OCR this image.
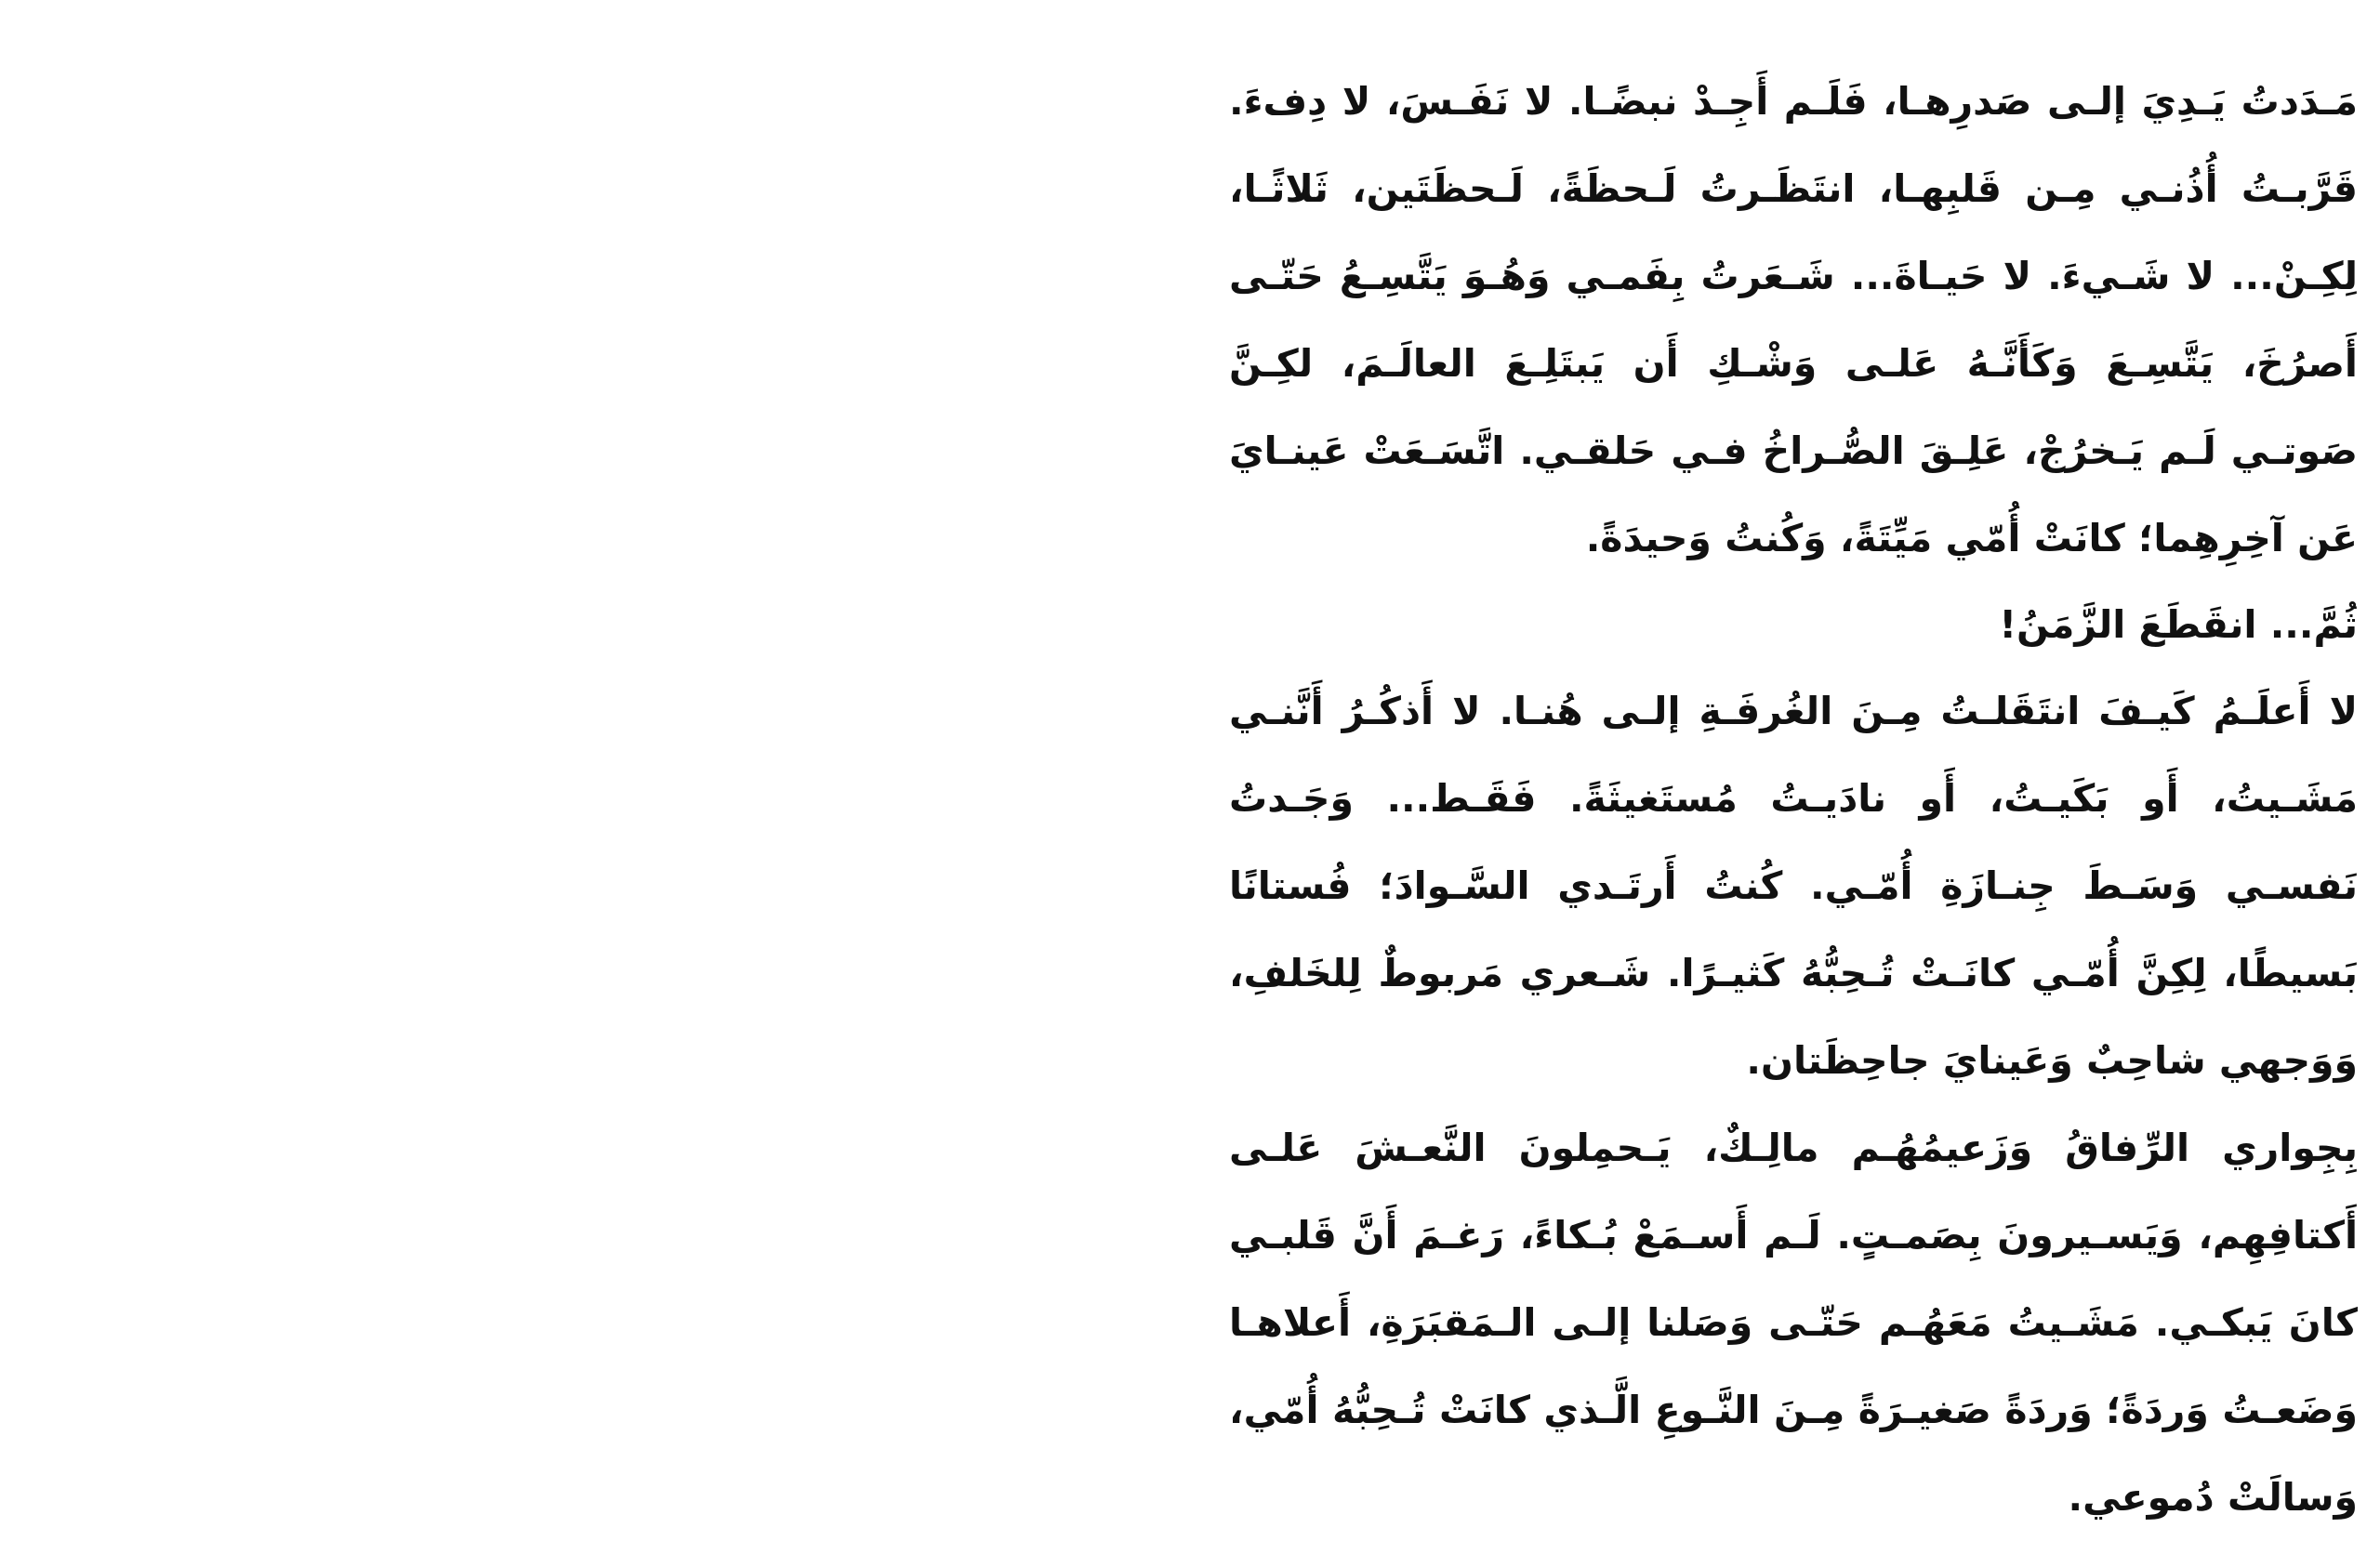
مَـدَدتُ يَـدِيَ إلـى صَدرِهـا، فَلَـم أَجِـدْ نبضًـا. لا نَفَـسَ، لا دِفءَ. قَرَّبـتُ أُذُنـي مِـن قَلبِهـا، انتَظَـرتُ لَـحظَةً، لَـحظَتَين، ثَلاثًـا، لِكِـنْ... لا شَـيءَ. لا حَيـاةَ... شَـعَرتُ بِفَمـي وَهُـوَ يَتَّسِـعُ حَتّـى أَصرُخَ، يَتَّسِـعَ وَكَأَنَّـهُ عَلـى وَشْـكِ أَن يَبتَلِـعَ العالَـمَ، لكِـنَّ صَوتـي لَـم يَـخرُجْ، عَلِـقَ الصُّـراخُ فـي حَلقـي. اتَّسَـعَتْ عَينـايَ عَن آخِرِهِما؛ كانَتْ أُمّي مَيِّتَةً، وَكُنتُ وَحيدَةً.

ثُمَّ... انقَطَعَ الزَّمَنُ!

لا أَعلَـمُ كَيـفَ انتَقَلـتُ مِـنَ الغُرفَـةِ إلـى هُنـا. لا أَذكُـرُ أَنَّنـي مَشَـيتُ، أَو بَكَيـتُ، أَو نادَيـتُ مُستَغيثَةً. فَقَـط... وَجَـدتُ نَفسـي وَسَـطَ جِنـازَةِ أُمّـي. كُنتُ أَرتَـدي السَّـوادَ؛ فُستانًا بَسيطًا، لِكِنَّ أُمّـي كانَـتْ تُـحِبُّهُ كَثيـرًا. شَـعري مَربوطٌ لِلخَلفِ، وَوَجهي شاحِبٌ وَعَينايَ جاحِظَتان.

بِجِواري الرِّفاقُ وَزَعيمُهُـم مالِـكٌ، يَـحمِلونَ النَّعـشَ عَلـى أَكتافِهِم، وَيَسـيرونَ بِصَمـتٍ. لَـم أَسـمَعْ بُـكاءً، رَغـمَ أَنَّ قَلبـي كانَ يَبكـي. مَشَـيتُ مَعَهُـم حَتّـى وَصَلنا إلـى الـمَقبَرَةِ، أَعلاهـا وَضَعـتُ وَردَةً؛ وَردَةً صَغيـرَةً مِـنَ النَّـوعِ الَّـذي كانَتْ تُـحِبُّهُ أُمّي، وَسالَتْ دُموعي.
